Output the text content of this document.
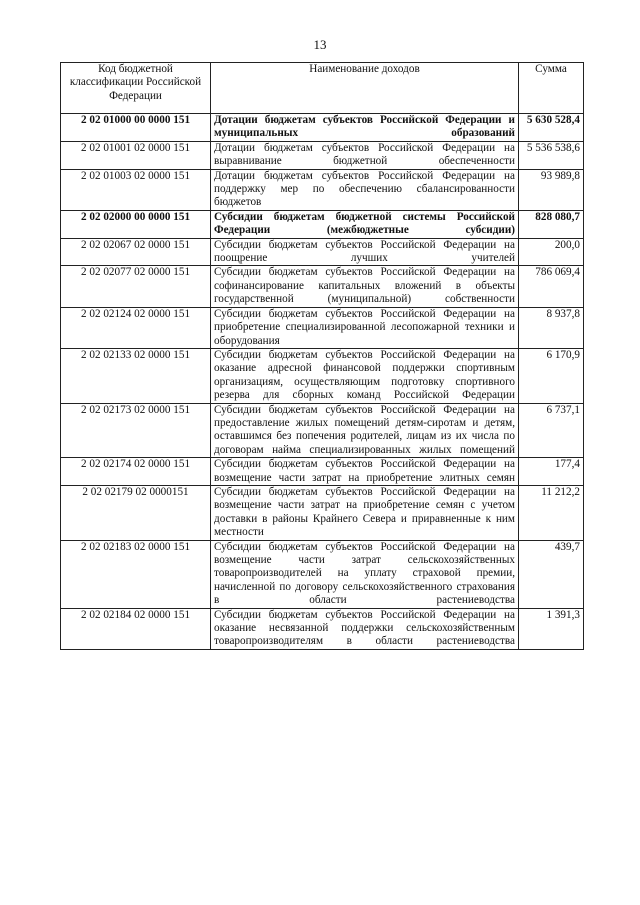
13
Код бюджетной классификации Российской Федерации	Наименование доходов	Сумма
2 02 01000 00 0000 151	Дотации бюджетам субъектов Российской Федерации и муниципальных образований	5 630 528,4
2 02 01001 02 0000 151	Дотации бюджетам субъектов Российской Федерации на выравнивание бюджетной обеспеченности	5 536 538,6
2 02 01003 02 0000 151	Дотации бюджетам субъектов Российской Федерации на поддержку мер по обеспечению сбалансированности бюджетов	93 989,8
2 02 02000 00 0000 151	Субсидии бюджетам бюджетной системы Российской Федерации (межбюджетные субсидии)	828 080,7
2 02 02067 02 0000 151	Субсидии бюджетам субъектов Российской Федерации на поощрение лучших учителей	200,0
2 02 02077 02 0000 151	Субсидии бюджетам субъектов Российской Федерации на софинансирование капитальных вложений в объекты государственной (муниципальной) собственности	786 069,4
2 02 02124 02 0000 151	Субсидии бюджетам субъектов Российской Федерации на приобретение специализированной лесопожарной техники и оборудования	8 937,8
2 02 02133 02 0000 151	Субсидии бюджетам субъектов Российской Федерации на оказание адресной финансовой поддержки спортивным организациям, осуществляющим подготовку спортивного резерва для сборных команд Российской Федерации	6 170,9
2 02 02173 02 0000 151	Субсидии бюджетам субъектов Российской Федерации на предоставление жилых помещений детям-сиротам и детям, оставшимся без попечения родителей, лицам из их числа по договорам найма специализированных жилых помещений	6 737,1
2 02 02174 02 0000 151	Субсидии бюджетам субъектов Российской Федерации на возмещение части затрат на приобретение элитных семян	177,4
2 02 02179 02 0000151	Субсидии бюджетам субъектов Российской Федерации на возмещение части затрат на приобретение семян с учетом доставки в районы Крайнего Севера и приравненные к ним местности	11 212,2
2 02 02183 02 0000 151	Субсидии бюджетам субъектов Российской Федерации на возмещение части затрат сельскохозяйственных товаропроизводителей на уплату страховой премии, начисленной по договору сельскохозяйственного страхования в области растениеводства	439,7
2 02 02184 02 0000 151	Субсидии бюджетам субъектов Российской Федерации на оказание несвязанной поддержки сельскохозяйственным товаропроизводителям в области растениеводства	1 391,3
